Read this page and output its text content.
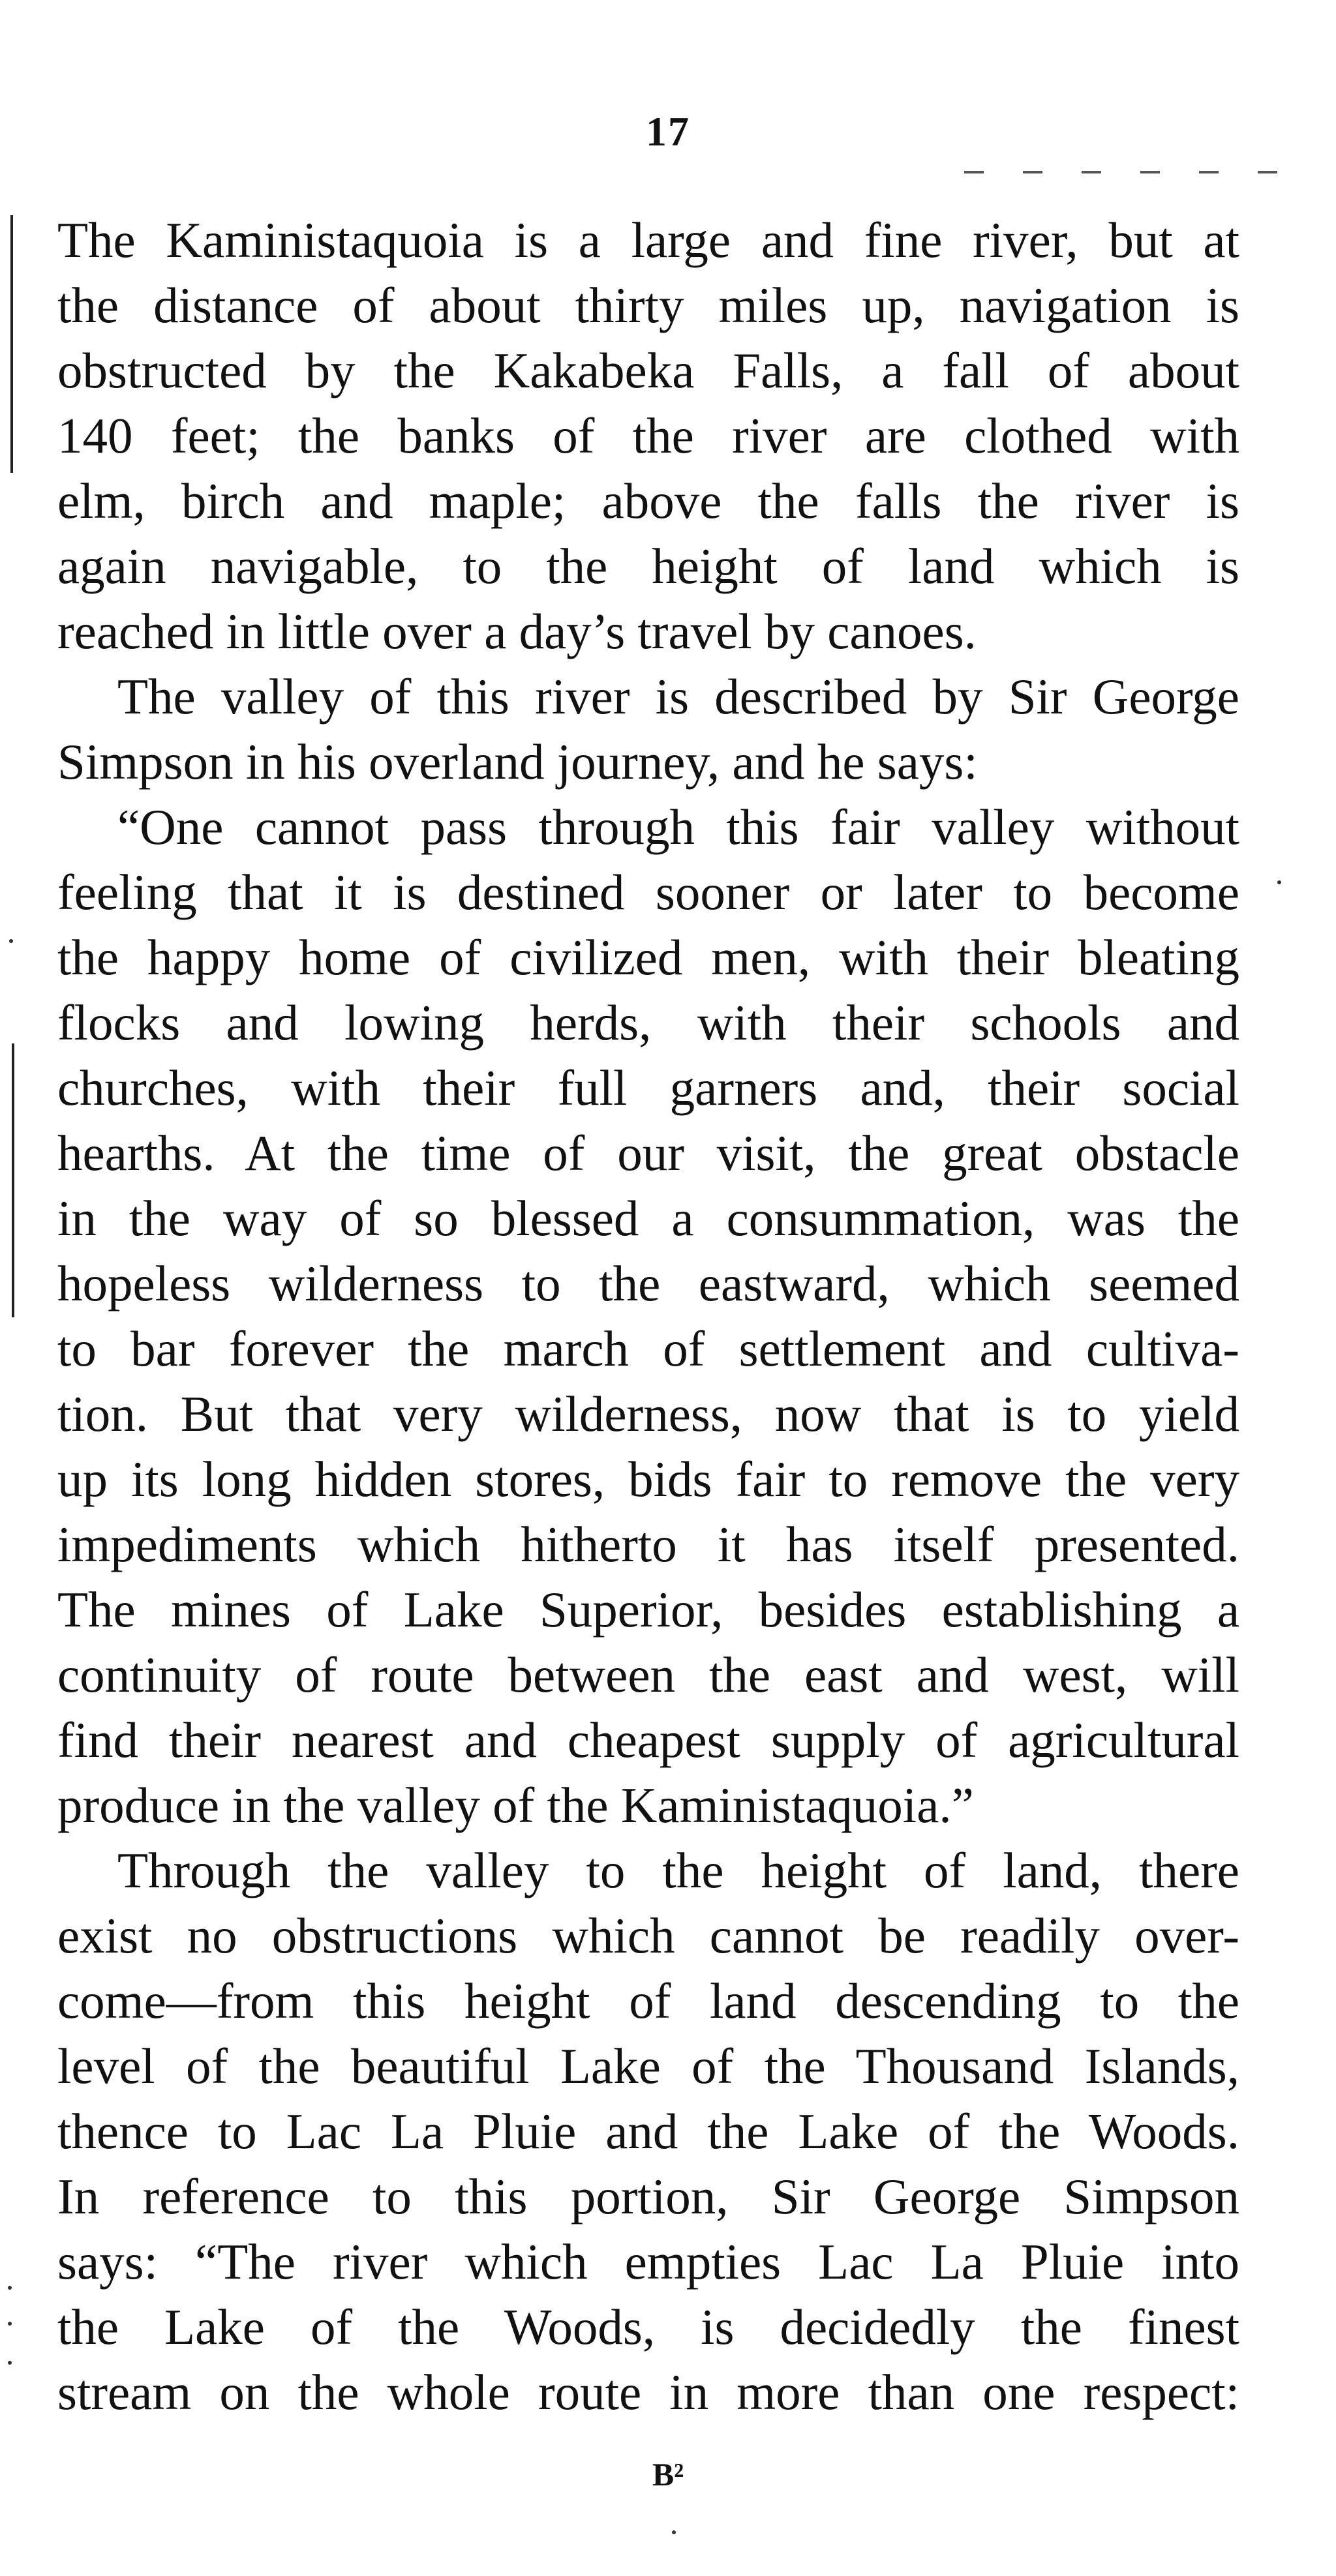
17
The Kaministaquoia is a large and fine river, but at
the distance of about thirty miles up, navigation is
obstructed by the Kakabeka Falls, a fall of about
140 feet; the banks of the river are clothed with
elm, birch and maple; above the falls the river is
again navigable, to the height of land which is
reached in little over a day’s travel by canoes.
The valley of this river is described by Sir George
Simpson in his overland journey, and he says:
“One cannot pass through this fair valley without
feeling that it is destined sooner or later to become
the happy home of civilized men, with their bleating
flocks and lowing herds, with their schools and
churches, with their full garners and, their social
hearths. At the time of our visit, the great obstacle
in the way of so blessed a consummation, was the
hopeless wilderness to the eastward, which seemed
to bar forever the march of settlement and cultiva-
tion. But that very wilderness, now that is to yield
up its long hidden stores, bids fair to remove the very
impediments which hitherto it has itself presented.
The mines of Lake Superior, besides establishing a
continuity of route between the east and west, will
find their nearest and cheapest supply of agricultural
produce in the valley of the Kaministaquoia.”
Through the valley to the height of land, there
exist no obstructions which cannot be readily over-
come—from this height of land descending to the
level of the beautiful Lake of the Thousand Islands,
thence to Lac La Pluie and the Lake of the Woods.
In reference to this portion, Sir George Simpson
says: “The river which empties Lac La Pluie into
the Lake of the Woods, is decidedly the finest
stream on the whole route in more than one respect:
B²
